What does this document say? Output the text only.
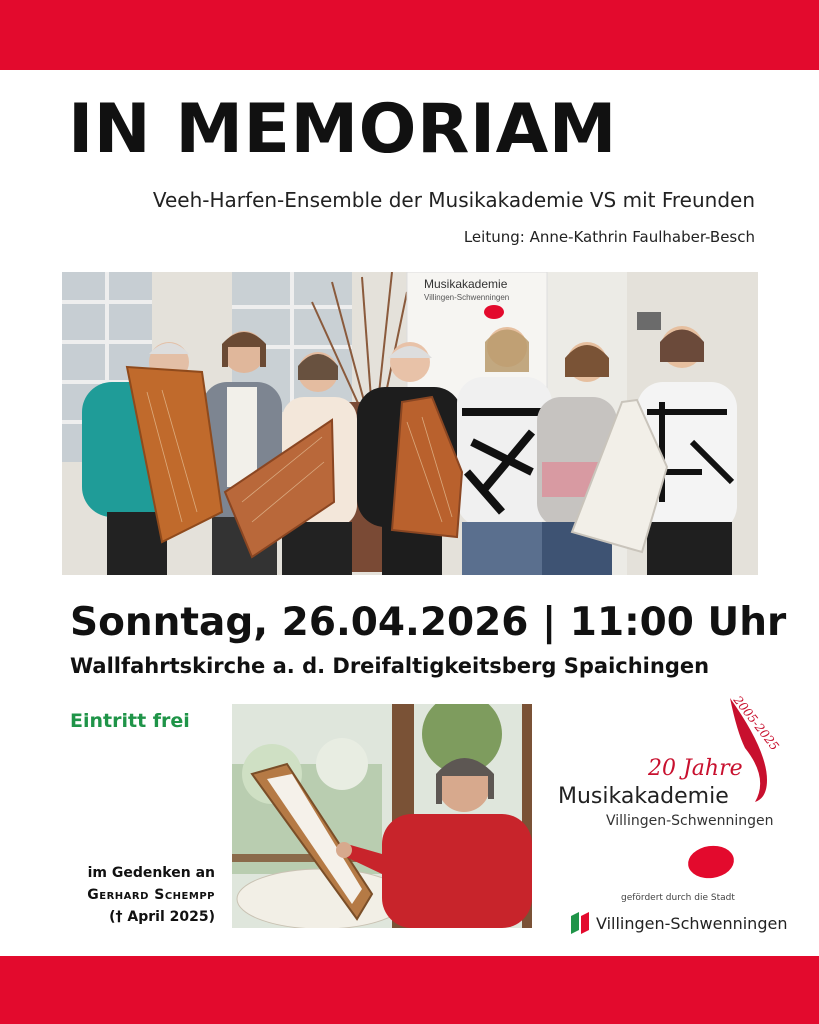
IN MEMORIAM
Veeh-Harfen-Ensemble der Musikakademie VS mit Freunden
Leitung: Anne-Kathrin Faulhaber-Besch
Musikakademie
Villingen-Schwenningen
Sonntag, 26.04.2026 | 11:00 Uhr
Wallfahrtskirche a. d. Dreifaltigkeitsberg Spaichingen
Eintritt frei
im Gedenken an
Gerhard Schempp
(† April 2025)
2005-2025
20 Jahre
Musikakademie
Villingen-Schwenningen
gefördert durch die Stadt
Villingen-Schwenningen
